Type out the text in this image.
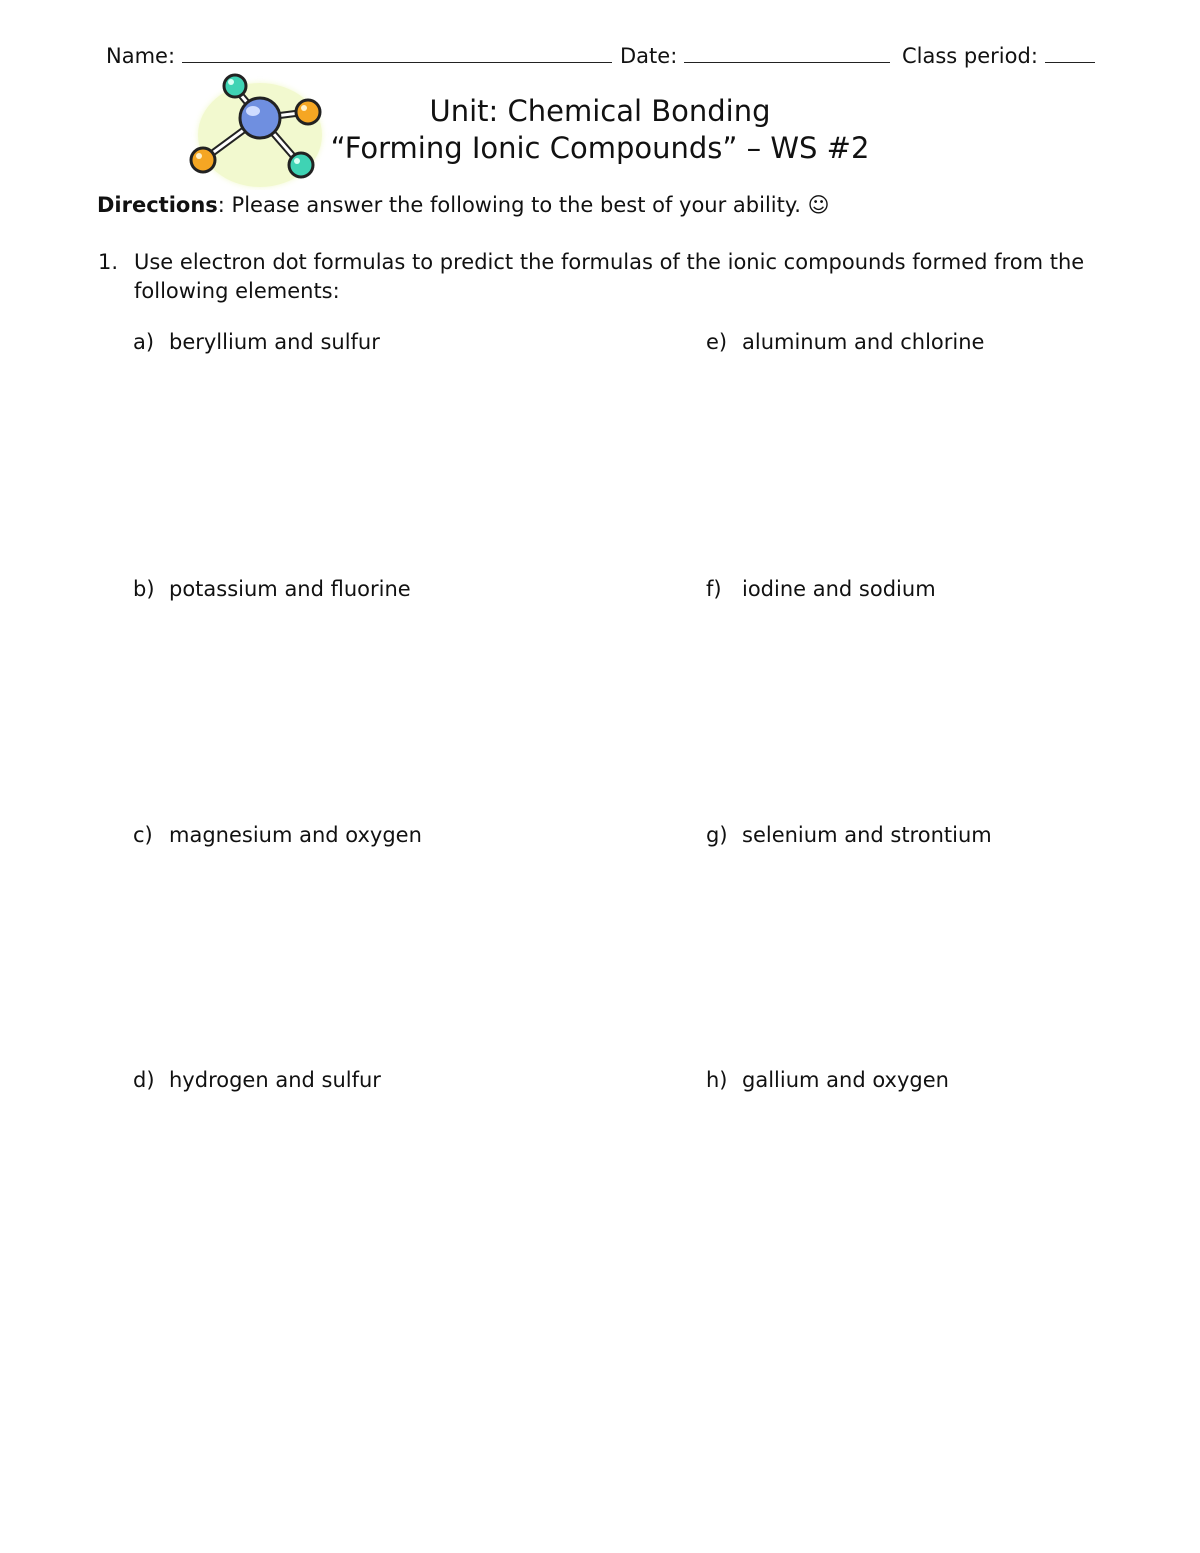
Name:	Date:	Class period:
Unit: Chemical Bonding
“Forming Ionic Compounds” – WS #2
Directions: Please answer the following to the best of your ability. ☺
1. Use electron dot formulas to predict the formulas of the ionic compounds formed from the following elements:
a) beryllium and sulfur
b) potassium and fluorine
c) magnesium and oxygen
d) hydrogen and sulfur
e) aluminum and chlorine
f) iodine and sodium
g) selenium and strontium
h) gallium and oxygen
